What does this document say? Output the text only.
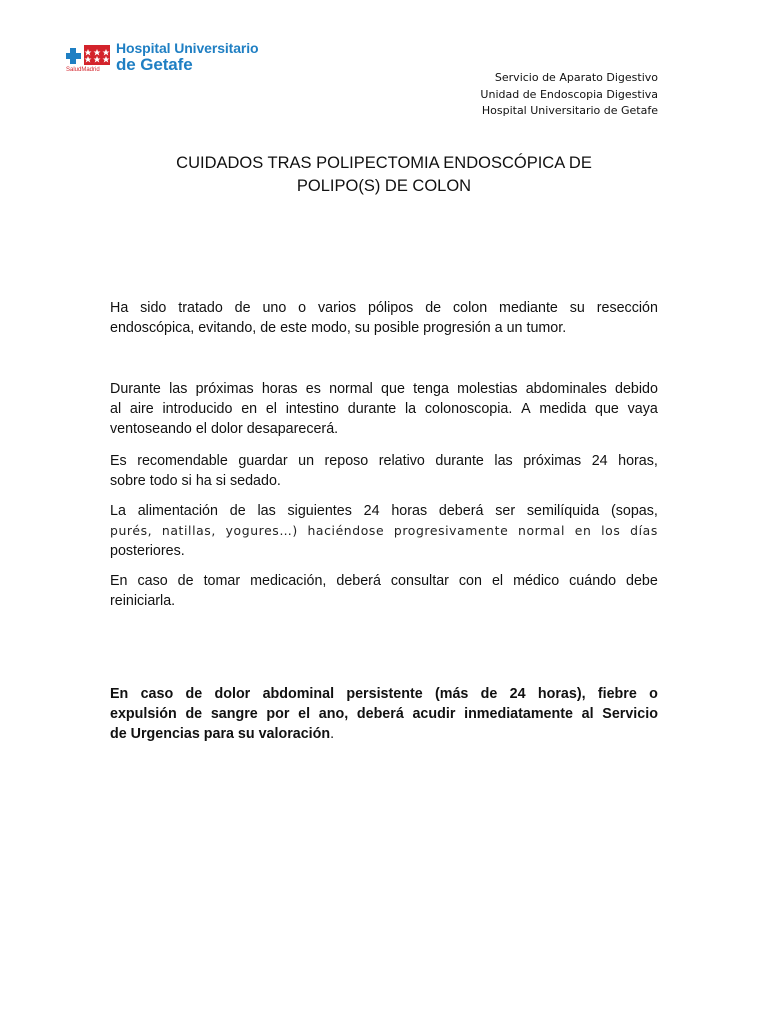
SaludMadrid
Hospital Universitario
de Getafe
Servicio de Aparato Digestivo
Unidad de Endoscopia Digestiva
Hospital Universitario de Getafe
CUIDADOS TRAS POLIPECTOMIA ENDOSCÓPICA DE
POLIPO(S) DE COLON
Ha sido tratado de uno o varios pólipos de colon mediante su resección
endoscópica, evitando, de este modo, su posible progresión a un tumor.
Durante las próximas horas es normal que tenga molestias abdominales debido
al aire introducido en el intestino durante la colonoscopia. A medida que vaya
ventoseando el dolor desaparecerá.
Es recomendable guardar un reposo relativo durante las próximas 24 horas,
sobre todo si ha si sedado.
La alimentación de las siguientes 24 horas deberá ser semilíquida (sopas,
purés, natillas, yogures…) haciéndose progresivamente normal en los días
posteriores.
En caso de tomar medicación, deberá consultar con el médico cuándo debe
reiniciarla.
En caso de dolor abdominal persistente (más de 24 horas), fiebre o
expulsión de sangre por el ano, deberá acudir inmediatamente al Servicio
de Urgencias para su valoración .
